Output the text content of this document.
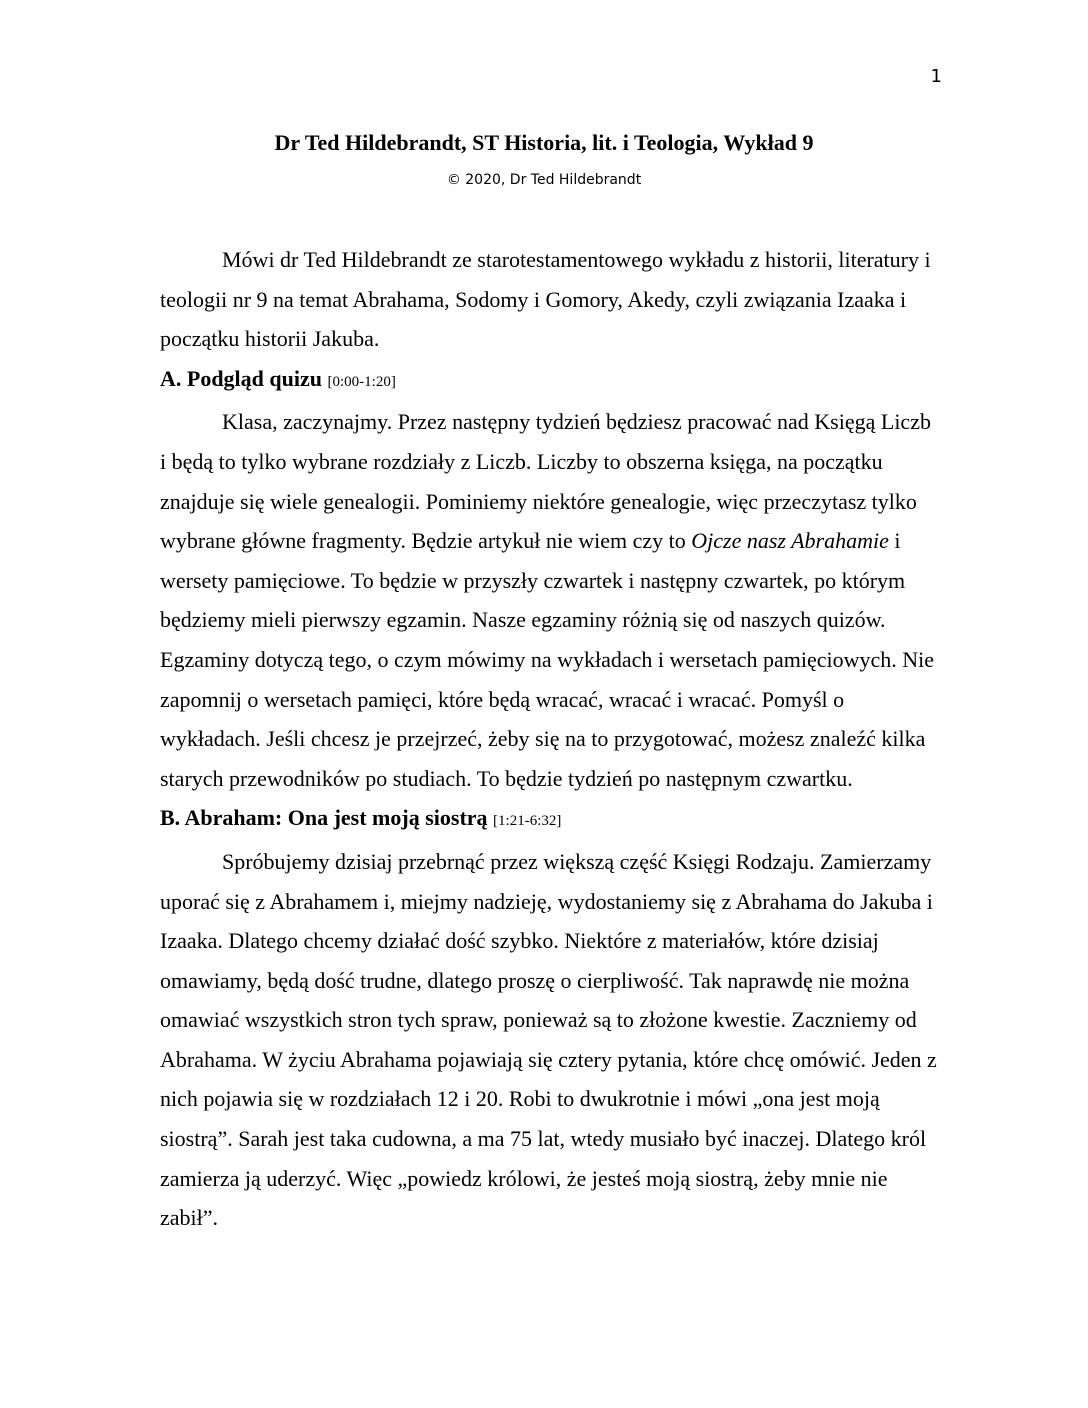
1
Dr Ted Hildebrandt, ST Historia, lit. i Teologia, Wykład 9
© 2020, Dr Ted Hildebrandt

Mówi dr Ted Hildebrandt ze starotestamentowego wykładu z historii, literatury i teologii nr 9 na temat Abrahama, Sodomy i Gomory, Akedy, czyli związania Izaaka i początku historii Jakuba.

A. Podgląd quizu [0:00-1:20]

Klasa, zaczynajmy. Przez następny tydzień będziesz pracować nad Księgą Liczb i będą to tylko wybrane rozdziały z Liczb. Liczby to obszerna księga, na początku znajduje się wiele genealogii. Pominiemy niektóre genealogie, więc przeczytasz tylko wybrane główne fragmenty. Będzie artykuł nie wiem czy to Ojcze nasz Abrahamie i wersety pamięciowe. To będzie w przyszły czwartek i następny czwartek, po którym będziemy mieli pierwszy egzamin. Nasze egzaminy różnią się od naszych quizów. Egzaminy dotyczą tego, o czym mówimy na wykładach i wersetach pamięciowych. Nie zapomnij o wersetach pamięci, które będą wracać, wracać i wracać. Pomyśl o wykładach. Jeśli chcesz je przejrzeć, żeby się na to przygotować, możesz znaleźć kilka starych przewodników po studiach. To będzie tydzień po następnym czwartku.

B. Abraham: Ona jest moją siostrą [1:21-6:32]

Spróbujemy dzisiaj przebrnąć przez większą część Księgi Rodzaju. Zamierzamy uporać się z Abrahamem i, miejmy nadzieję, wydostaniemy się z Abrahama do Jakuba i Izaaka. Dlatego chcemy działać dość szybko. Niektóre z materiałów, które dzisiaj omawiamy, będą dość trudne, dlatego proszę o cierpliwość. Tak naprawdę nie można omawiać wszystkich stron tych spraw, ponieważ są to złożone kwestie. Zaczniemy od Abrahama. W życiu Abrahama pojawiają się cztery pytania, które chcę omówić. Jeden z nich pojawia się w rozdziałach 12 i 20. Robi to dwukrotnie i mówi „ona jest moją siostrą”. Sarah jest taka cudowna, a ma 75 lat, wtedy musiało być inaczej. Dlatego król zamierza ją uderzyć. Więc „powiedz królowi, że jesteś moją siostrą, żeby mnie nie zabił”.
